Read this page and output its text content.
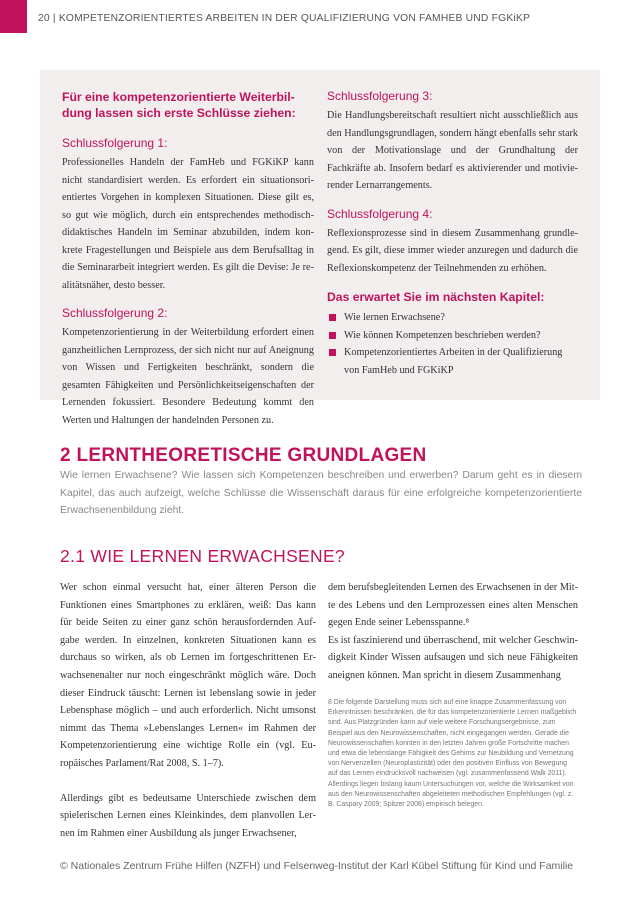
20 | KOMPETENZORIENTIERTES ARBEITEN IN DER QUALIFIZIERUNG VON FAMHEB UND FGKiKP

Für eine kompetenzorientierte Weiterbil-
dung lassen sich erste Schlüsse ziehen:

Schlussfolgerung 1:

Professionelles Handeln der FamHeb und FGKiKP kann nicht standardisiert werden. Es erfordert ein situationsorientiertes Vorgehen in komplexen Situationen. Diese gilt es, so gut wie möglich, durch ein entsprechendes methodisch-didaktisches Handeln im Seminar abzubilden, indem konkrete Fragestellungen und Beispiele aus dem Berufsalltag in die Seminararbeit integriert werden. Es gilt die Devise: Je realitätsnäher, desto besser.

Schlussfolgerung 2:

Kompetenzorientierung in der Weiterbildung erfordert einen ganzheitlichen Lernprozess, der sich nicht nur auf Aneignung von Wissen und Fertigkeiten beschränkt, sondern die gesamten Fähigkeiten und Persönlichkeitseigenschaften der Lernenden fokussiert. Besondere Bedeutung kommt den Werten und Haltungen der handelnden Personen zu.

Schlussfolgerung 3:

Die Handlungsbereitschaft resultiert nicht ausschließlich aus den Handlungsgrundlagen, sondern hängt ebenfalls sehr stark von der Motivationslage und der Grundhaltung der Fachkräfte ab. Insofern bedarf es aktivierender und motivierender Lernarrangements.

Schlussfolgerung 4:

Reflexionsprozesse sind in diesem Zusammenhang grundlegend. Es gilt, diese immer wieder anzuregen und dadurch die Reflexionskompetenz der Teilnehmenden zu erhöhen.

Das erwartet Sie im nächsten Kapitel:

Wie lernen Erwachsene?
Wie können Kompetenzen beschrieben werden?
Kompetenzorientiertes Arbeiten in der Qualifizierung von FamHeb und FGKiKP
2 LERNTHEORETISCHE GRUNDLAGEN

Wie lernen Erwachsene? Wie lassen sich Kompetenzen beschreiben und erwerben? Darum geht es in diesem Kapitel, das auch aufzeigt, welche Schlüsse die Wissenschaft daraus für eine erfolgreiche kompetenzorientierte Erwachsenenbildung zieht.

2.1 WIE LERNEN ERWACHSENE?

Wer schon einmal versucht hat, einer älteren Person die Funktionen eines Smartphones zu erklären, weiß: Das kann für beide Seiten zu einer ganz schön herausfordernden Aufgabe werden. In einzelnen, konkreten Situationen kann es durchaus so wirken, als ob Lernen im fortgeschrittenen Erwachsenenalter nur noch eingeschränkt möglich wäre. Doch dieser Eindruck täuscht: Lernen ist lebenslang sowie in jeder Lebensphase möglich – und auch erforderlich. Nicht umsonst nimmt das Thema »Lebenslanges Lernen« im Rahmen der Kompetenzorientierung eine wichtige Rolle ein (vgl. Europäisches Parlament/Rat 2008, S. 1–7).

Allerdings gibt es bedeutsame Unterschiede zwischen dem spielerischen Lernen eines Kleinkindes, dem planvollen Lernen im Rahmen einer Ausbildung als junger Erwachsener,

dem berufsbegleitenden Lernen des Erwachsenen in der Mitte des Lebens und den Lernprozessen eines alten Menschen gegen Ende seiner Lebensspanne.⁸

Es ist faszinierend und überraschend, mit welcher Geschwindigkeit Kinder Wissen aufsaugen und sich neue Fähigkeiten aneignen können. Man spricht in diesem Zusammenhang

8 Die folgende Darstellung muss sich auf eine knappe Zusammenfassung von Erkenntnissen beschränken, die für das kompetenzorientierte Lernen maßgeblich sind. Aus Platzgründen kann auf viele weitere Forschungsergebnisse, zum Beispiel aus den Neurowissenschaften, nicht eingegangen werden. Gerade die Neurowissenschaften konnten in den letzten Jahren große Fortschritte machen und etwa die lebenslange Fähigkeit des Gehirns zur Neubildung und Vernetzung von Nervenzellen (Neuroplastizität) oder den positiven Einfluss von Bewegung auf das Lernen eindrucksvoll nachweisen (vgl. zusammenfassend Walk 2011). Allerdings liegen bislang kaum Untersuchungen vor, welche die Wirksamkeit von aus den Neurowissenschaften abgeleiteten methodischen Empfehlungen (vgl. z. B. Caspary 2009; Spitzer 2006) empirisch belegen.

© Nationales Zentrum Frühe Hilfen (NZFH) und Felsenweg-Institut der Karl Kübel Stiftung für Kind und Familie
